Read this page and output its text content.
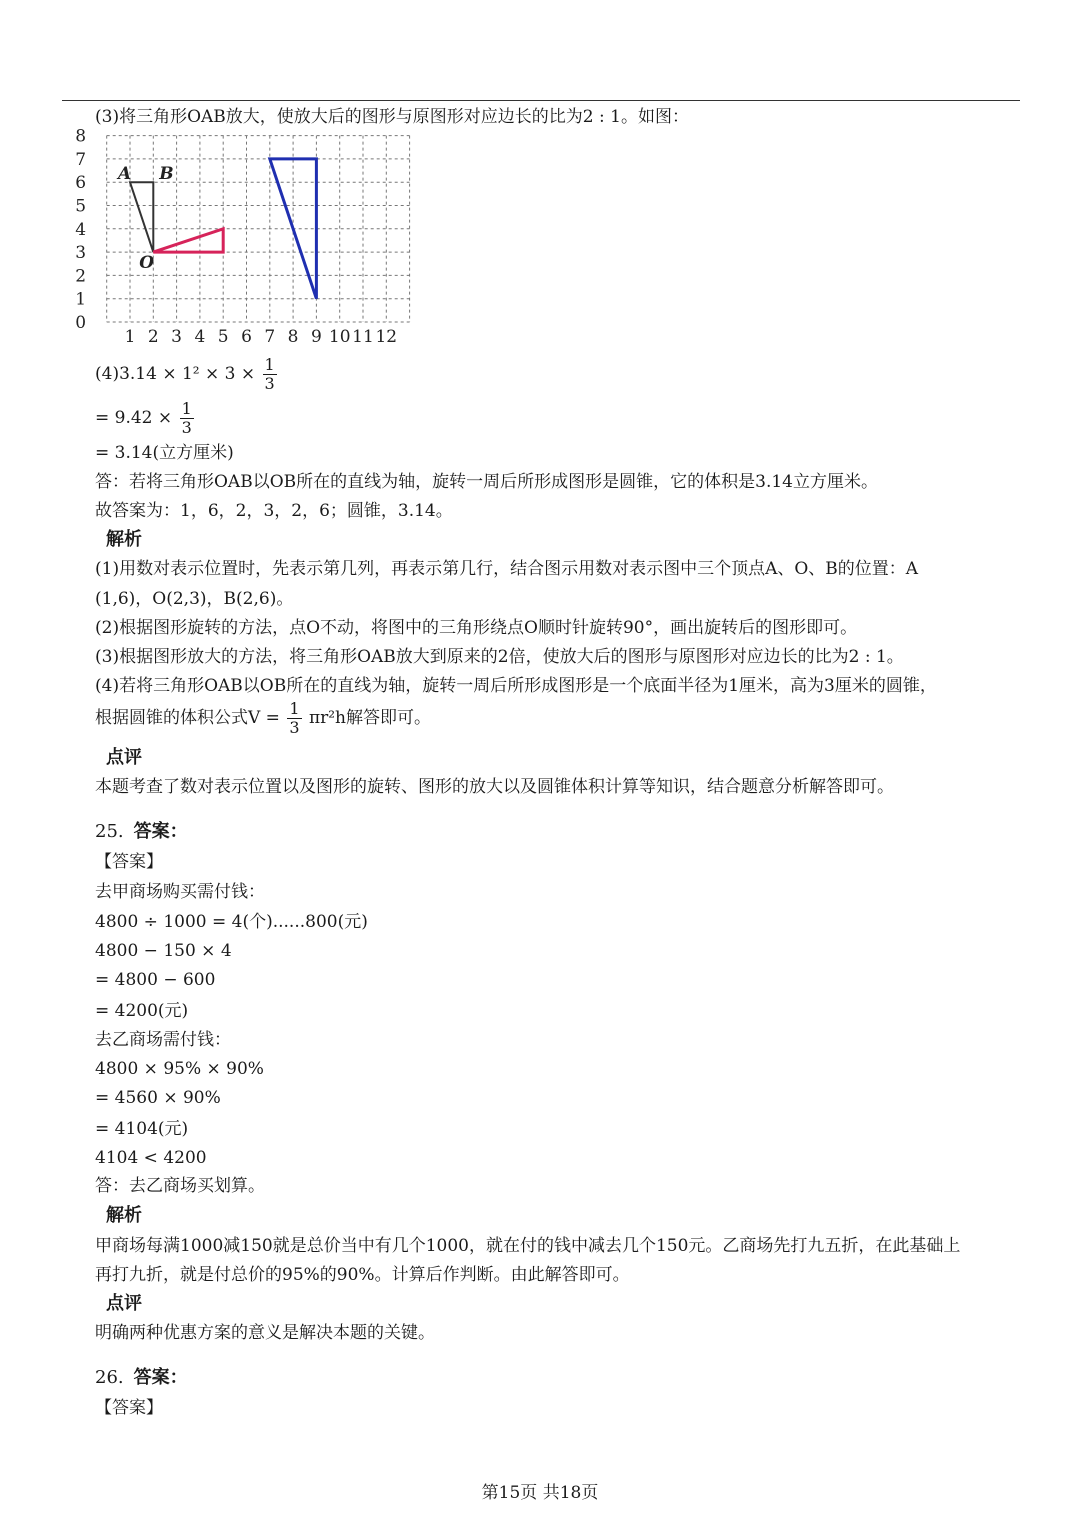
(3)将三角形OAB放大，使放大后的图形与原图形对应边长的比为2 : 1。如图：
1 2 3 4 5 6 7 8 9 10 11 12
0
1
2
3
4
5
6
7
8
A B
O
$(4)3.14 \times 1^2 \times 3 \times \frac{1}{3}$
= $9.42 \times \frac{1}{3}$
= 3.14(立方厘米)
答：若将三角形OAB以OB所在的直线为轴，旋转一周后所形成图形是圆锥，它的体积是3.14立方厘米。
故答案为：1，6，2，3，2，6；圆锥，3.14。
解析
(1)用数对表示位置时，先表示第几列，再表示第几行，结合图示用数对表示图中三个顶点A、O、B的位置：A
(1,6)，O(2,3)，B(2,6)。
(2)根据图形旋转的方法，点O不动，将图中的三角形绕点O顺时针旋转90°，画出旋转后的图形即可。
(3)根据图形放大的方法，将三角形OAB放大到原来的2倍，使放大后的图形与原图形对应边长的比为2 : 1。
(4)若将三角形OAB以OB所在的直线为轴，旋转一周后所形成图形是一个底面半径为1厘米，高为3厘米的圆锥，
根据圆锥的体积公式$V = \frac{1}{3} \pi r^2h$解答即可。
点评
本题考查了数对表示位置以及图形的旋转、图形的放大以及圆锥体积计算等知识，结合题意分析解答即可。
25. 答案：
【答案】
去甲商场购买需付钱：
4800 ÷ 1000 = 4(个)......800(元)
4800 − 150 × 4
= 4800 − 600
= 4200(元)
去乙商场需付钱：
4800 × 95% × 90%
= 4560 × 90%
= 4104(元)
4104 < 4200
答：去乙商场买划算。
解析
甲商场每满1000减150就是总价当中有几个1000，就在付的钱中减去几个150元。乙商场先打九五折，在此基础上
再打九折，就是付总价的95%的90%。计算后作判断。由此解答即可。
点评
明确两种优惠方案的意义是解决本题的关键。
26. 答案：
【答案】
第15页 共18页
